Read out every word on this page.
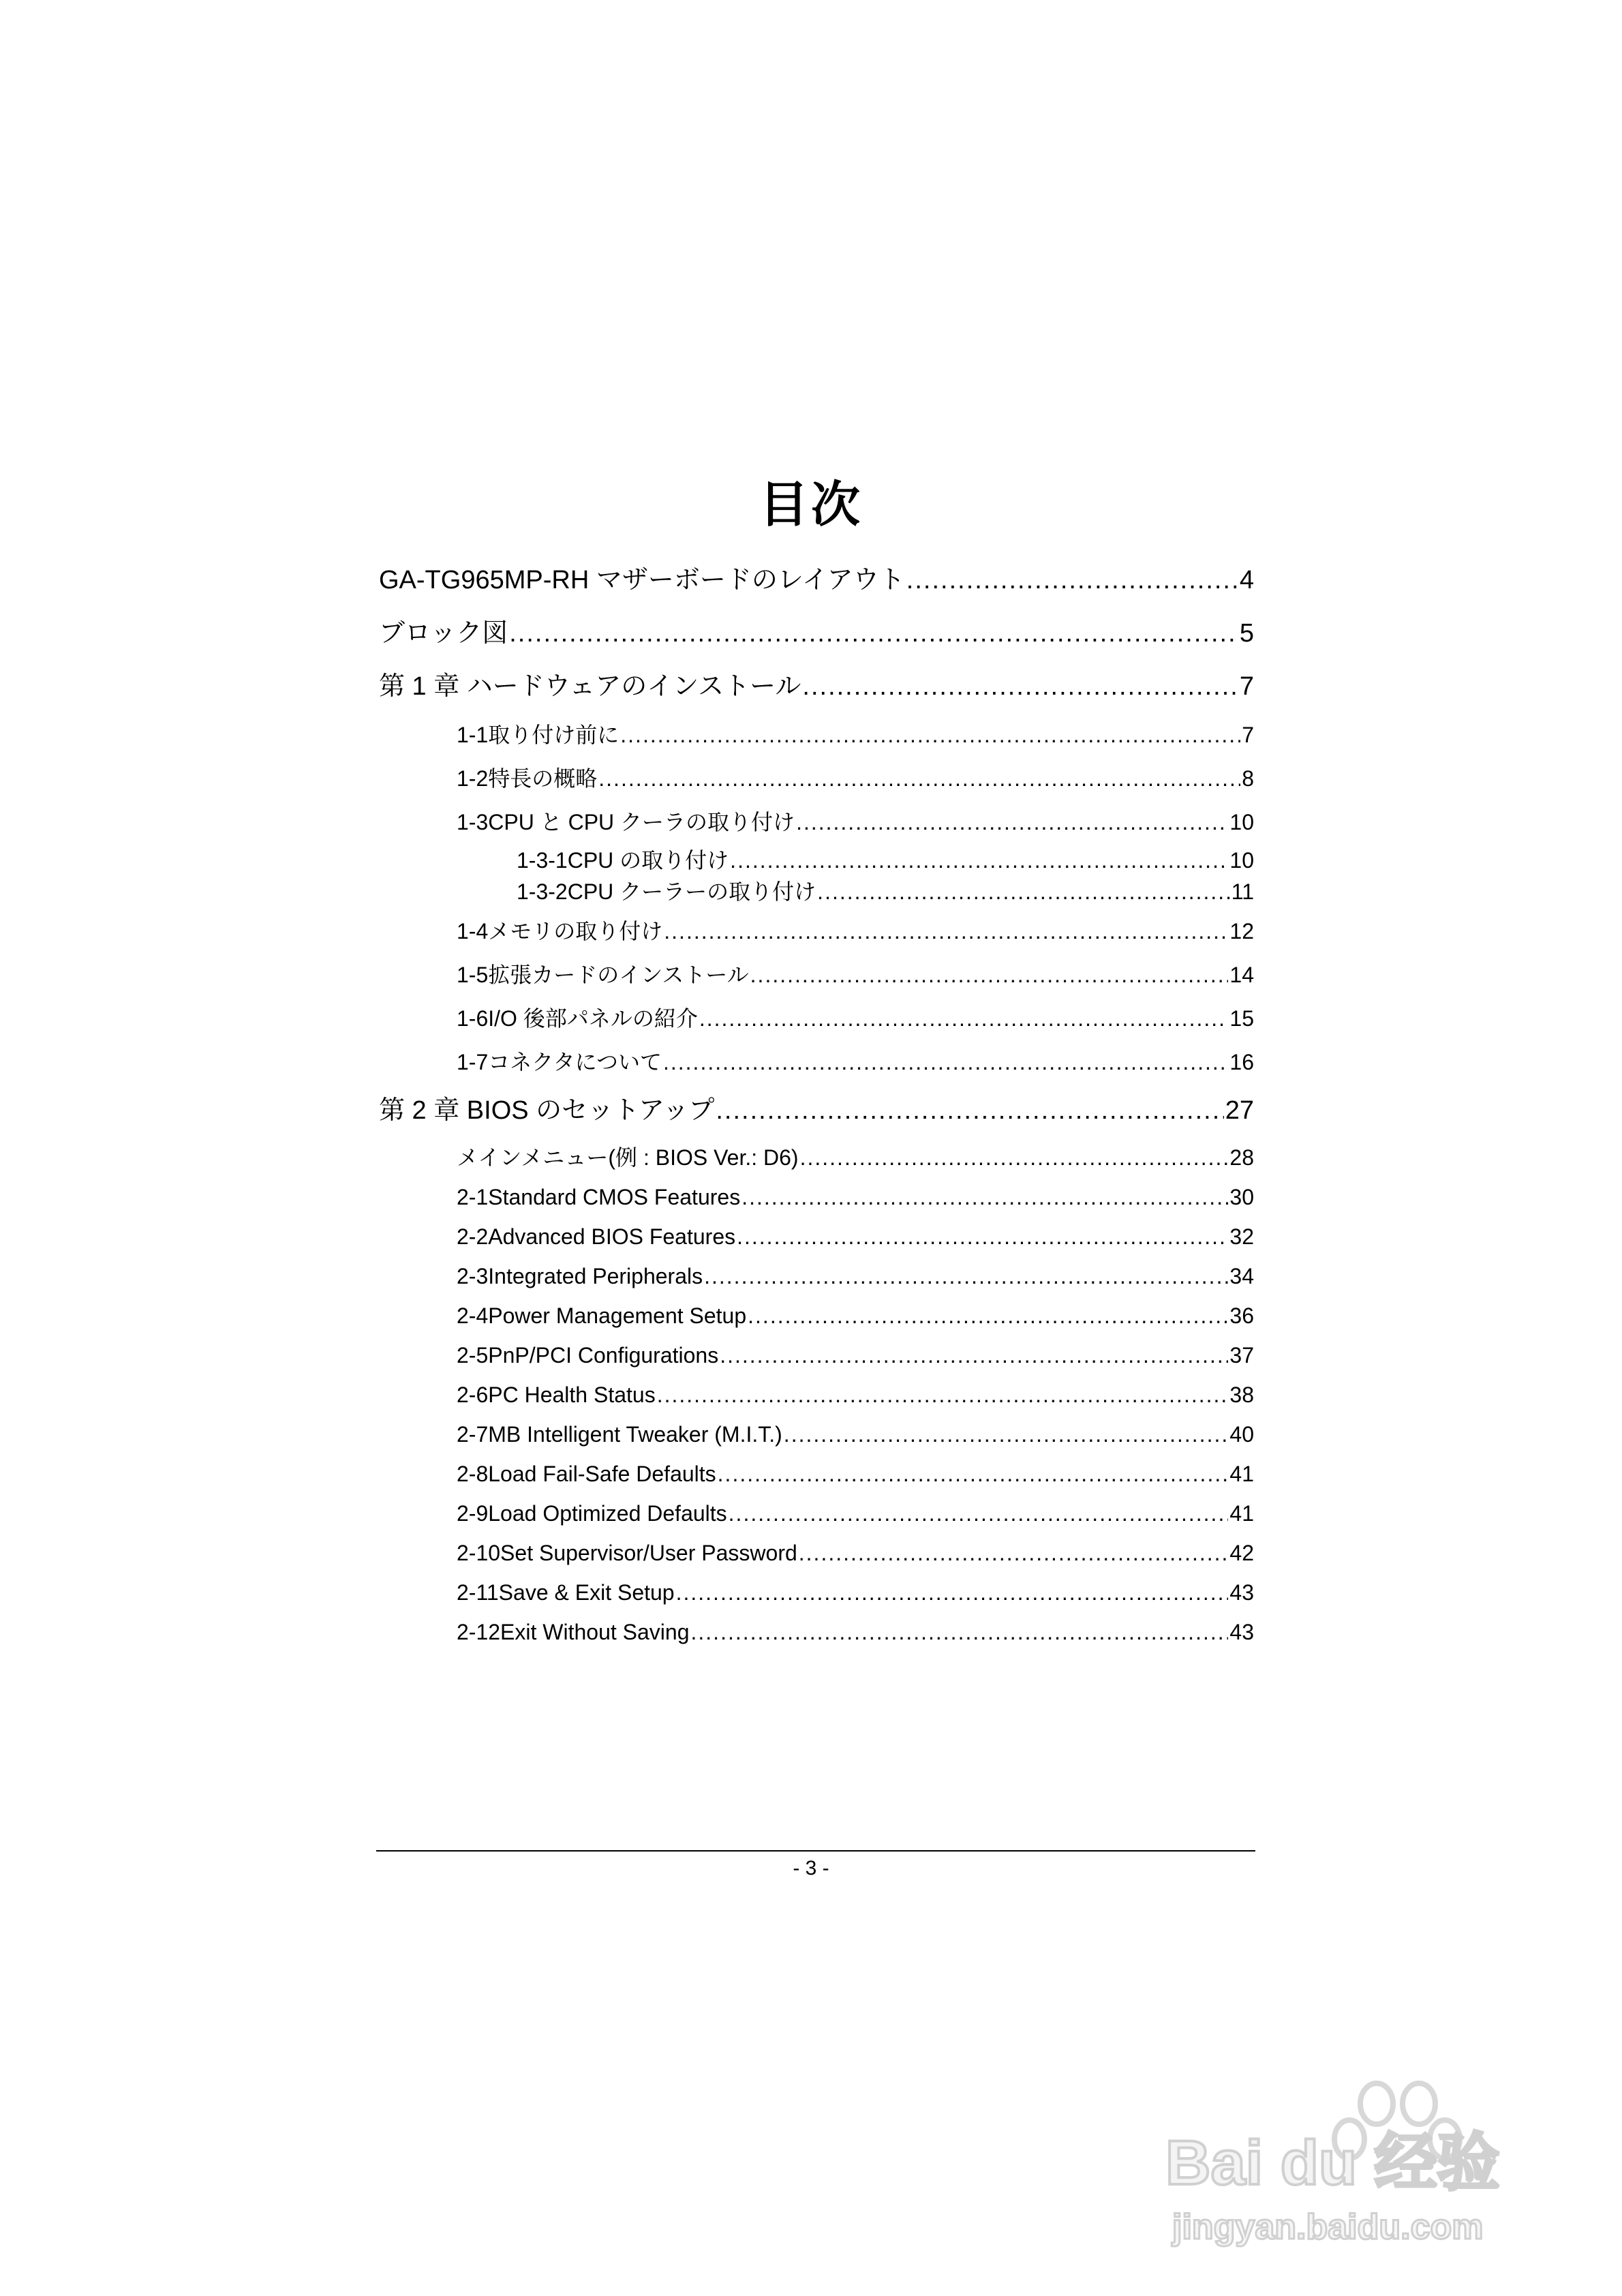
目次
GA-TG965MP-RH マザーボードのレイアウト .....	4
ブロック図 .....	5
第 1 章 ハードウェアのインストール .....	7
1-1 取り付け前に .....	7
1-2 特長の概略 .....	8
1-3 CPU と CPU クーラの取り付け .....	10
1-3-1 CPU の取り付け .....	10
1-3-2 CPU クーラーの取り付け .....	11
1-4 メモリの取り付け .....	12
1-5 拡張カードのインストール .....	14
1-6 I/O 後部パネルの紹介 .....	15
1-7 コネクタについて .....	16
第 2 章 BIOS のセットアップ .....	27
メインメニュー(例 : BIOS Ver.: D6) .....	28
2-1 Standard CMOS Features .....	30
2-2 Advanced BIOS Features .....	32
2-3 Integrated Peripherals .....	34
2-4 Power Management Setup .....	36
2-5 PnP/PCI Configurations .....	37
2-6 PC Health Status .....	38
2-7 MB Intelligent Tweaker (M.I.T.) .....	40
2-8 Load Fail-Safe Defaults .....	41
2-9 Load Optimized Defaults .....	41
2-10 Set Supervisor/User Password .....	42
2-11 Save & Exit Setup .....	43
2-12 Exit Without Saving .....	43
- 3 -
Bai du 经验
jingyan.baidu.com
